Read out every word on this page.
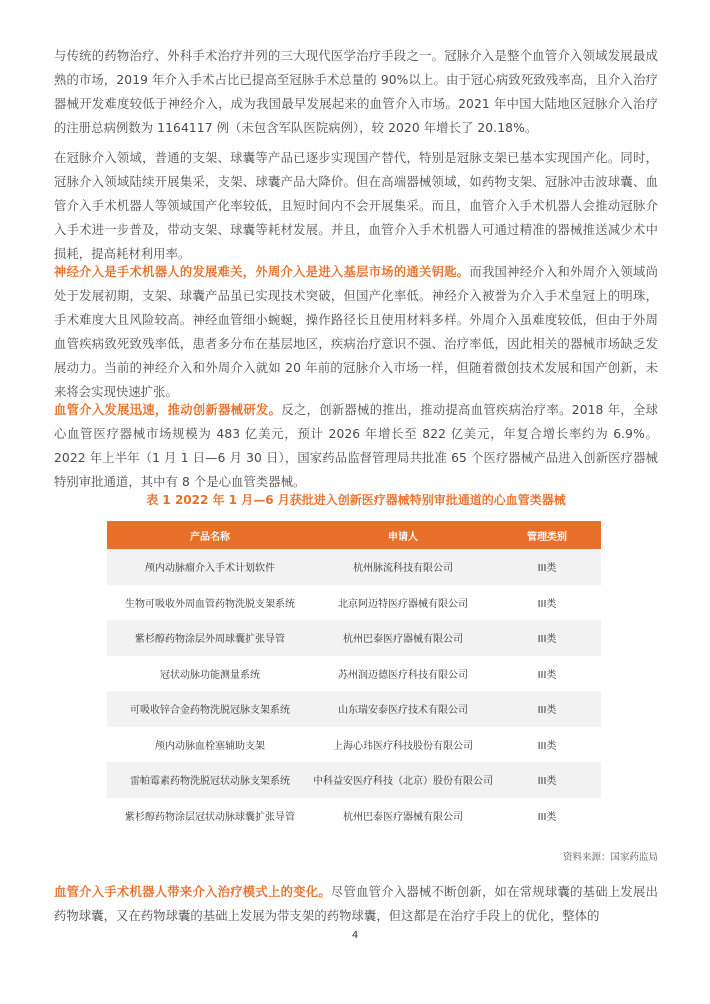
与传统的药物治疗、外科手术治疗并列的三大现代医学治疗手段之一。冠脉介入是整个血管介入领域发展最成熟的市场，2019 年介入手术占比已提高至冠脉手术总量的 90%以上。由于冠心病致死致残率高，且介入治疗器械开发难度较低于神经介入，成为我国最早发展起来的血管介入市场。2021 年中国大陆地区冠脉介入治疗的注册总病例数为 1164117 例（未包含军队医院病例），较 2020 年增长了 20.18%。

在冠脉介入领域，普通的支架、球囊等产品已逐步实现国产替代，特别是冠脉支架已基本实现国产化。同时，冠脉介入领域陆续开展集采，支架、球囊产品大降价。但在高端器械领域，如药物支架、冠脉冲击波球囊、血管介入手术机器人等领域国产化率较低，且短时间内不会开展集采。而且，血管介入手术机器人会推动冠脉介入手术进一步普及，带动支架、球囊等耗材发展。并且，血管介入手术机器人可通过精准的器械推送减少术中损耗，提高耗材利用率。

神经介入是手术机器人的发展难关，外周介入是进入基层市场的通关钥匙。而我国神经介入和外周介入领域尚处于发展初期，支架、球囊产品虽已实现技术突破，但国产化率低。神经介入被誉为介入手术皇冠上的明珠，手术难度大且风险较高。神经血管细小蜿蜒，操作路径长且使用材料多样。外周介入虽难度较低，但由于外周血管疾病致死致残率低，患者多分布在基层地区，疾病治疗意识不强、治疗率低，因此相关的器械市场缺乏发展动力。当前的神经介入和外周介入就如 20 年前的冠脉介入市场一样，但随着微创技术发展和国产创新，未来将会实现快速扩张。

血管介入发展迅速，推动创新器械研发。反之，创新器械的推出，推动提高血管疾病治疗率。2018 年，全球心血管医疗器械市场规模为 483 亿美元，预计 2026 年增长至 822 亿美元，年复合增长率约为 6.9%。2022 年上半年（1 月 1 日—6 月 30 日），国家药品监督管理局共批准 65 个医疗器械产品进入创新医疗器械特别审批通道，其中有 8 个是心血管类器械。

表 1 2022 年 1 月—6 月获批进入创新医疗器械特别审批通道的心血管类器械

产品名称	申请人	管理类别
颅内动脉瘤介入手术计划软件	杭州脉流科技有限公司	III类
生物可吸收外周血管药物洗脱支架系统	北京阿迈特医疗器械有限公司	III类
紫杉醇药物涂层外周球囊扩张导管	杭州巴泰医疗器械有限公司	III类
冠状动脉功能测量系统	苏州润迈德医疗科技有限公司	III类
可吸收锌合金药物洗脱冠脉支架系统	山东瑞安泰医疗技术有限公司	III类
颅内动脉血栓塞辅助支架	上海心玮医疗科技股份有限公司	III类
雷帕霉素药物洗脱冠状动脉支架系统	中科益安医疗科技（北京）股份有限公司	III类
紫杉醇药物涂层冠状动脉球囊扩张导管	杭州巴泰医疗器械有限公司	III类

资料来源：国家药监局

血管介入手术机器人带来介入治疗模式上的变化。尽管血管介入器械不断创新，如在常规球囊的基础上发展出药物球囊，又在药物球囊的基础上发展为带支架的药物球囊，但这都是在治疗手段上的优化，整体的

4
